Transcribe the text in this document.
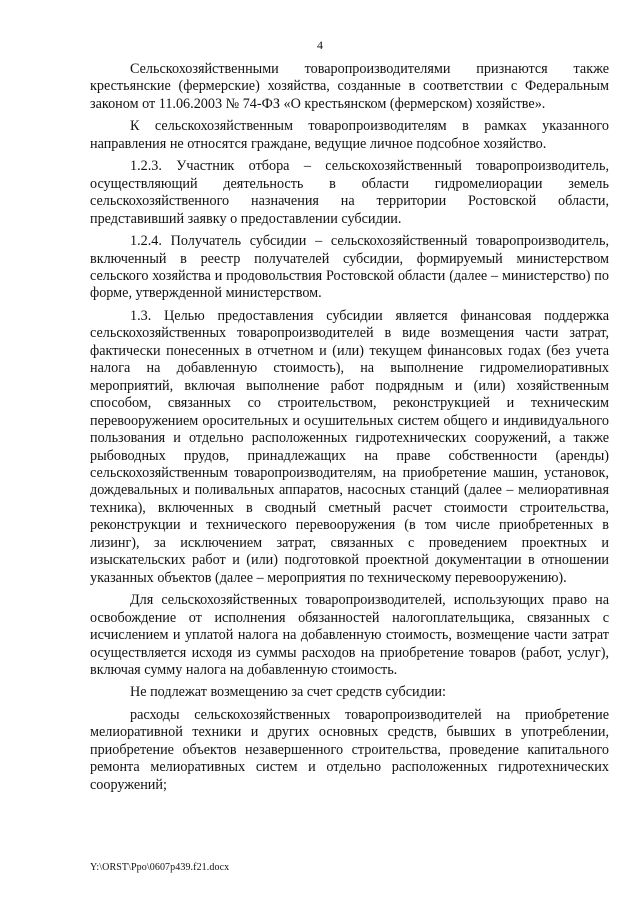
4

Сельскохозяйственными товаропроизводителями признаются также крестьянские (фермерские) хозяйства, созданные в соответствии с Федеральным законом от 11.06.2003 № 74-ФЗ «О крестьянском (фермерском) хозяйстве».

К сельскохозяйственным товаропроизводителям в рамках указанного направления не относятся граждане, ведущие личное подсобное хозяйство.

1.2.3. Участник отбора – сельскохозяйственный товаропроизводитель, осуществляющий деятельность в области гидромелиорации земель сельскохозяйственного назначения на территории Ростовской области, представивший заявку о предоставлении субсидии.

1.2.4. Получатель субсидии – сельскохозяйственный товаропроизводитель, включенный в реестр получателей субсидии, формируемый министерством сельского хозяйства и продовольствия Ростовской области (далее – министерство) по форме, утвержденной министерством.

1.3. Целью предоставления субсидии является финансовая поддержка сельскохозяйственных товаропроизводителей в виде возмещения части затрат, фактически понесенных в отчетном и (или) текущем финансовых годах (без учета налога на добавленную стоимость), на выполнение гидромелиоративных мероприятий, включая выполнение работ подрядным и (или) хозяйственным способом, связанных со строительством, реконструкцией и техническим перевооружением оросительных и осушительных систем общего и индивидуального пользования и отдельно расположенных гидротехнических сооружений, а также рыбоводных прудов, принадлежащих на праве собственности (аренды) сельскохозяйственным товаропроизводителям, на приобретение машин, установок, дождевальных и поливальных аппаратов, насосных станций (далее – мелиоративная техника), включенных в сводный сметный расчет стоимости строительства, реконструкции и технического перевооружения (в том числе приобретенных в лизинг), за исключением затрат, связанных с проведением проектных и изыскательских работ и (или) подготовкой проектной документации в отношении указанных объектов (далее – мероприятия по техническому перевооружению).

Для сельскохозяйственных товаропроизводителей, использующих право на освобождение от исполнения обязанностей налогоплательщика, связанных с исчислением и уплатой налога на добавленную стоимость, возмещение части затрат осуществляется исходя из суммы расходов на приобретение товаров (работ, услуг), включая сумму налога на добавленную стоимость.

Не подлежат возмещению за счет средств субсидии:

расходы сельскохозяйственных товаропроизводителей на приобретение мелиоративной техники и других основных средств, бывших в употреблении, приобретение объектов незавершенного строительства, проведение капитального ремонта мелиоративных систем и отдельно расположенных гидротехнических сооружений;

Y:\ORST\Ppo\0607p439.f21.docx
